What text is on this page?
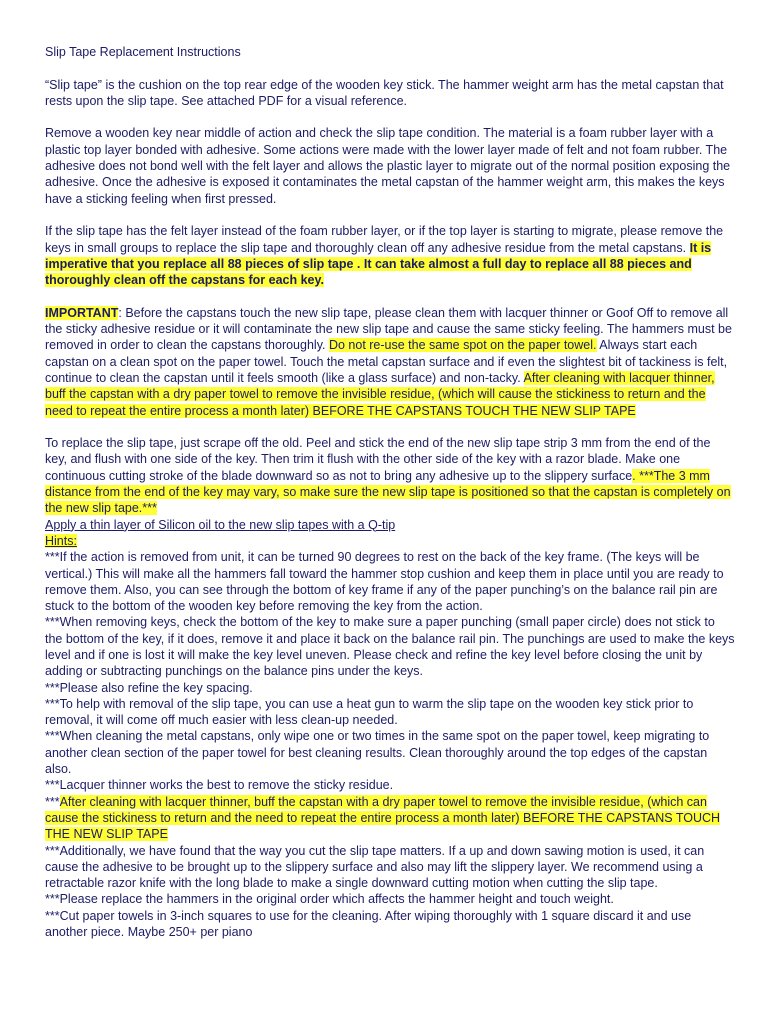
Slip Tape Replacement Instructions

“Slip tape” is the cushion on the top rear edge of the wooden key stick. The hammer weight arm has the metal capstan that rests upon the slip tape. See attached PDF for a visual reference.

Remove a wooden key near middle of action and check the slip tape condition. The material is a foam rubber layer with a plastic top layer bonded with adhesive. Some actions were made with the lower layer made of felt and not foam rubber. The adhesive does not bond well with the felt layer and allows the plastic layer to migrate out of the normal position exposing the adhesive. Once the adhesive is exposed it contaminates the metal capstan of the hammer weight arm, this makes the keys have a sticking feeling when first pressed.

If the slip tape has the felt layer instead of the foam rubber layer, or if the top layer is starting to migrate, please remove the keys in small groups to replace the slip tape and thoroughly clean off any adhesive residue from the metal capstans. It is imperative that you replace all 88 pieces of slip tape . It can take almost a full day to replace all 88 pieces and thoroughly clean off the capstans for each key.

IMPORTANT: Before the capstans touch the new slip tape, please clean them with lacquer thinner or Goof Off to remove all the sticky adhesive residue or it will contaminate the new slip tape and cause the same sticky feeling. The hammers must be removed in order to clean the capstans thoroughly. Do not re-use the same spot on the paper towel. Always start each capstan on a clean spot on the paper towel. Touch the metal capstan surface and if even the slightest bit of tackiness is felt, continue to clean the capstan until it feels smooth (like a glass surface) and non-tacky. After cleaning with lacquer thinner, buff the capstan with a dry paper towel to remove the invisible residue, (which will cause the stickiness to return and the need to repeat the entire process a month later) BEFORE THE CAPSTANS TOUCH THE NEW SLIP TAPE

To replace the slip tape, just scrape off the old. Peel and stick the end of the new slip tape strip 3 mm from the end of the key, and flush with one side of the key. Then trim it flush with the other side of the key with a razor blade. Make one continuous cutting stroke of the blade downward so as not to bring any adhesive up to the slippery surface. ***The 3 mm distance from the end of the key may vary, so make sure the new slip tape is positioned so that the capstan is completely on the new slip tape.***

Apply a thin layer of Silicon oil to the new slip tapes with a Q-tip

Hints:

***If the action is removed from unit, it can be turned 90 degrees to rest on the back of the key frame. (The keys will be vertical.) This will make all the hammers fall toward the hammer stop cushion and keep them in place until you are ready to remove them. Also, you can see through the bottom of key frame if any of the paper punching’s on the balance rail pin are stuck to the bottom of the wooden key before removing the key from the action.

***When removing keys, check the bottom of the key to make sure a paper punching (small paper circle) does not stick to the bottom of the key, if it does, remove it and place it back on the balance rail pin. The punchings are used to make the keys level and if one is lost it will make the key level uneven. Please check and refine the key level before closing the unit by adding or subtracting punchings on the balance pins under the keys.

***Please also refine the key spacing.

***To help with removal of the slip tape, you can use a heat gun to warm the slip tape on the wooden key stick prior to removal, it will come off much easier with less clean-up needed.

***When cleaning the metal capstans, only wipe one or two times in the same spot on the paper towel, keep migrating to another clean section of the paper towel for best cleaning results. Clean thoroughly around the top edges of the capstan also.

***Lacquer thinner works the best to remove the sticky residue.

***After cleaning with lacquer thinner, buff the capstan with a dry paper towel to remove the invisible residue, (which can cause the stickiness to return and the need to repeat the entire process a month later) BEFORE THE CAPSTANS TOUCH THE NEW SLIP TAPE

***Additionally, we have found that the way you cut the slip tape matters. If a up and down sawing motion is used, it can cause the adhesive to be brought up to the slippery surface and also may lift the slippery layer. We recommend using a retractable razor knife with the long blade to make a single downward cutting motion when cutting the slip tape.

***Please replace the hammers in the original order which affects the hammer height and touch weight.

***Cut paper towels in 3-inch squares to use for the cleaning. After wiping thoroughly with 1 square discard it and use another piece. Maybe 250+ per piano
